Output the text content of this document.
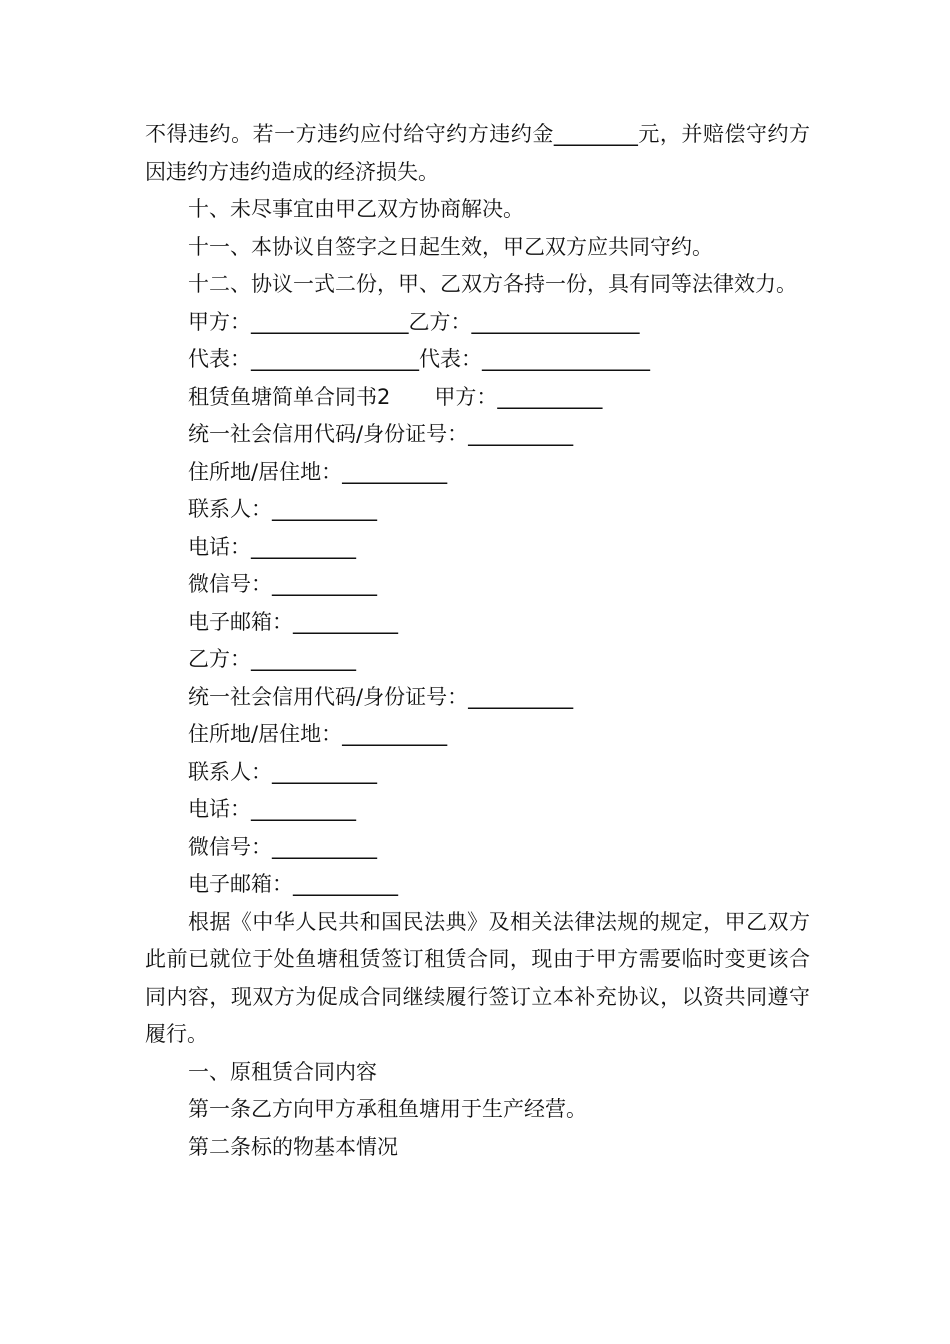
不得违约。若一方违约应付给守约方违约金________元，并赔偿守约方因违约方违约造成的经济损失。
十、未尽事宜由甲乙双方协商解决。
十一、本协议自签字之日起生效，甲乙双方应共同守约。
十二、协议一式二份，甲、乙双方各持一份，具有同等法律效力。
甲方：_______________乙方：________________
代表：________________代表：________________
租赁鱼塘简单合同书2 甲方：__________
统一社会信用代码/身份证号：__________
住所地/居住地：__________
联系人：__________
电话：__________
微信号：__________
电子邮箱：__________
乙方：__________
统一社会信用代码/身份证号：__________
住所地/居住地：__________
联系人：__________
电话：__________
微信号：__________
电子邮箱：__________
根据《中华人民共和国民法典》及相关法律法规的规定，甲乙双方此前已就位于处鱼塘租赁签订租赁合同，现由于甲方需要临时变更该合同内容，现双方为促成合同继续履行签订立本补充协议，以资共同遵守履行。
一、原租赁合同内容
第一条乙方向甲方承租鱼塘用于生产经营。
第二条标的物基本情况
